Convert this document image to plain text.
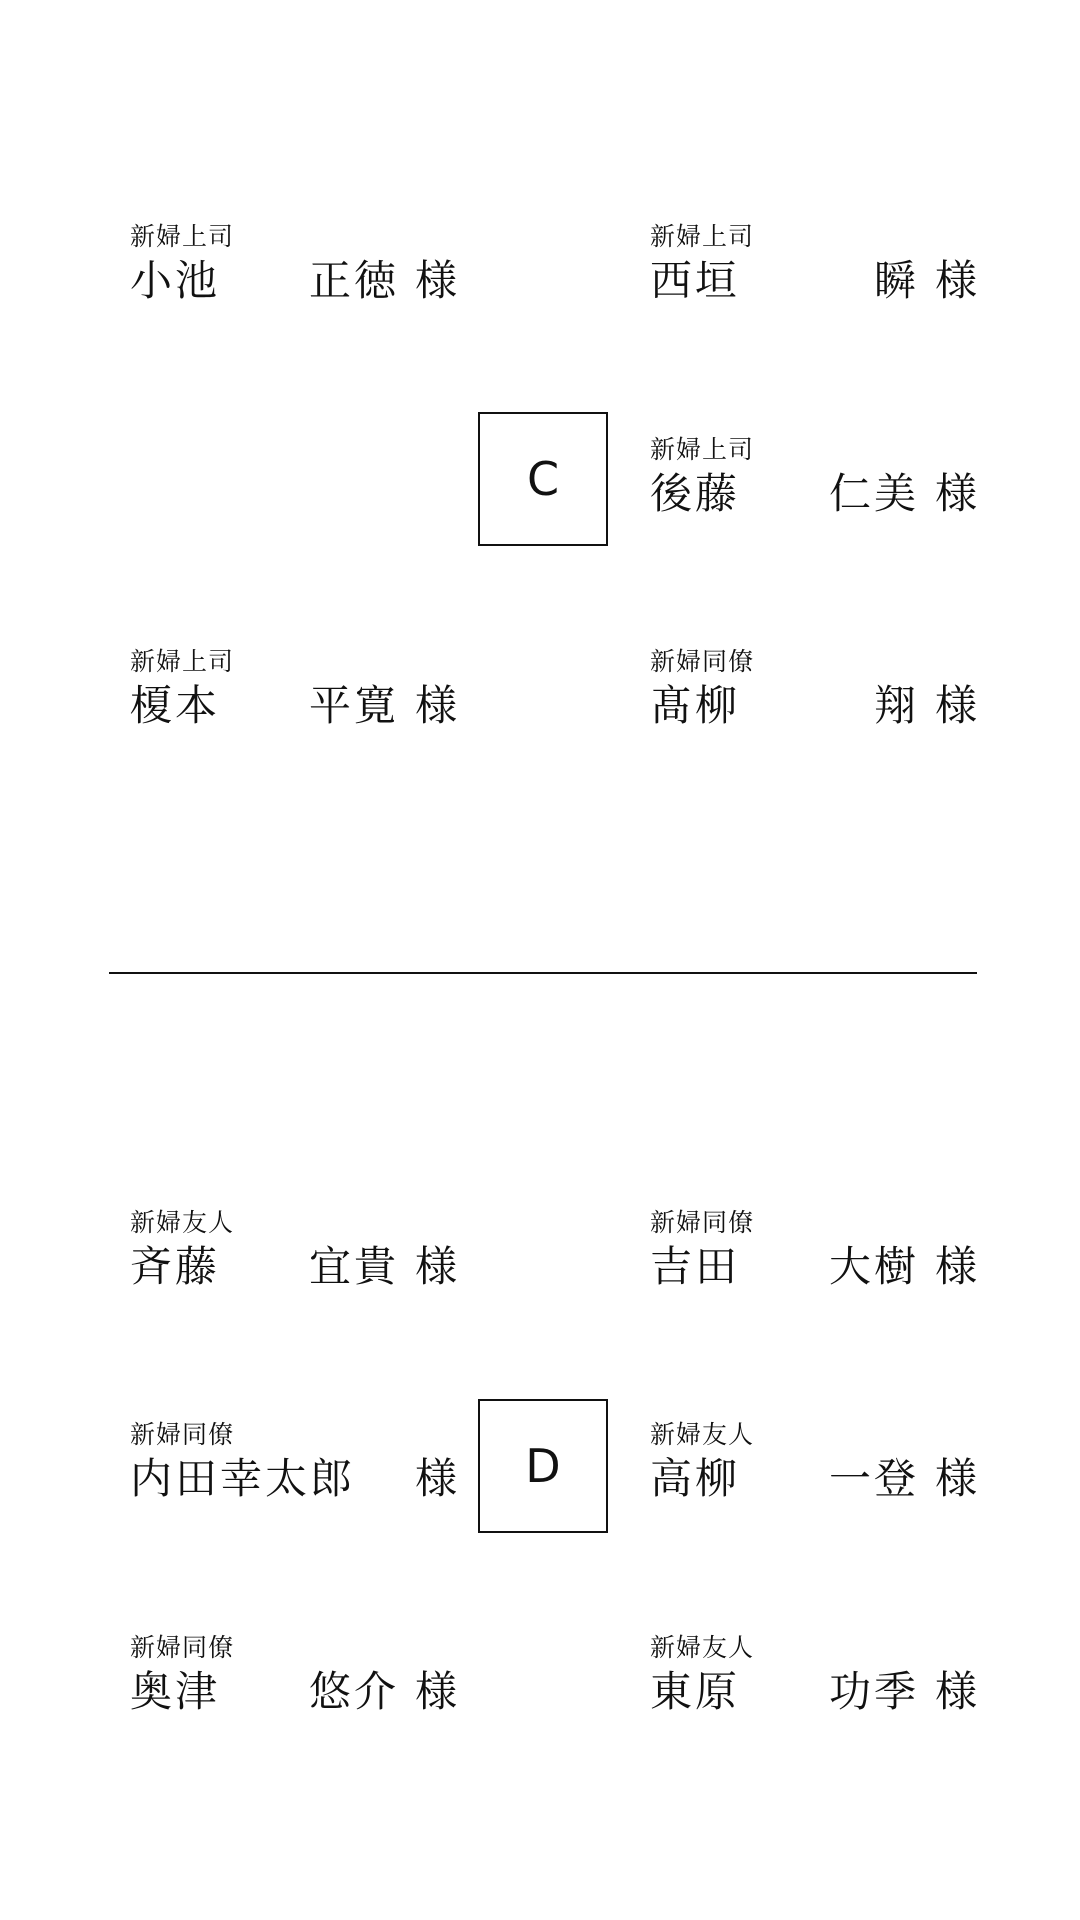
新婦上司
小池	正徳 様
新婦上司
西垣	瞬 様
C
新婦上司
後藤	仁美 様
新婦上司
榎本	平寛 様
新婦同僚
髙柳	翔 様
新婦友人
斉藤	宜貴 様
新婦同僚
吉田	大樹 様
新婦同僚
内田幸太郎 様	D
新婦友人
高柳	一登 様
新婦同僚
奥津	悠介 様
新婦友人
東原	功季 様
